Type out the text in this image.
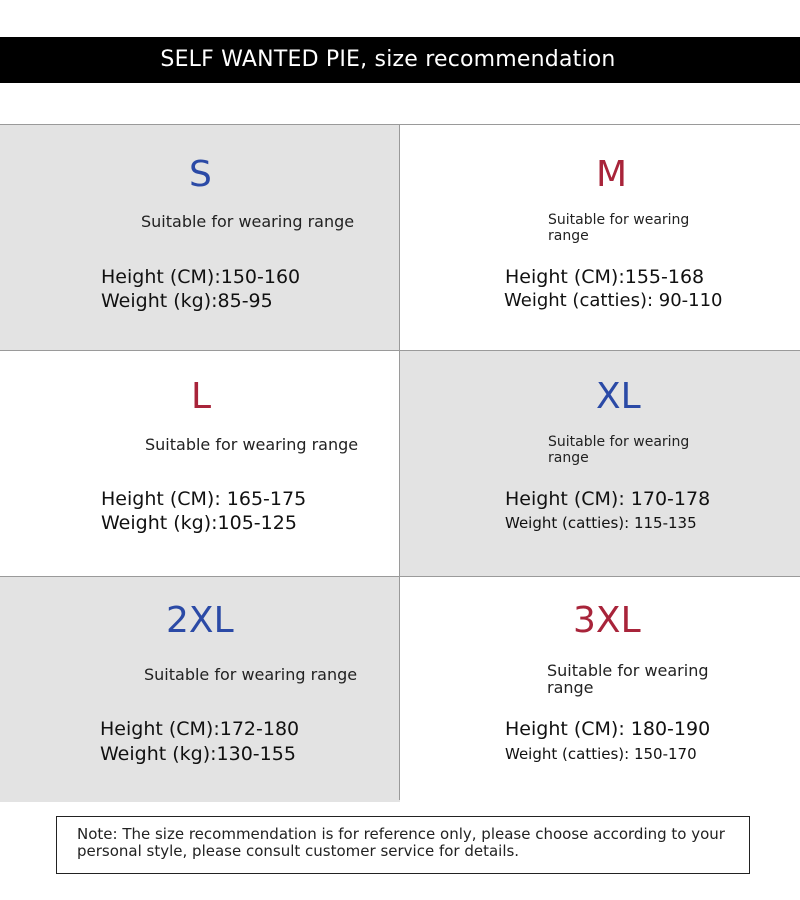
SELF WANTED PIE, size recommendation
S
Suitable for wearing range
Height (CM):150-160
Weight (kg):85-95
M
Suitable for wearing range
Height (CM):155-168
Weight (catties): 90-110
L
Suitable for wearing range
Height (CM): 165-175
Weight (kg):105-125
XL
Suitable for wearing range
Height (CM): 170-178
Weight (catties): 115-135
2XL
Suitable for wearing range
Height (CM):172-180
Weight (kg):130-155
3XL
Suitable for wearing range
Height (CM): 180-190
Weight (catties): 150-170
Note: The size recommendation is for reference only, please choose according to your personal style, please consult customer service for details.
